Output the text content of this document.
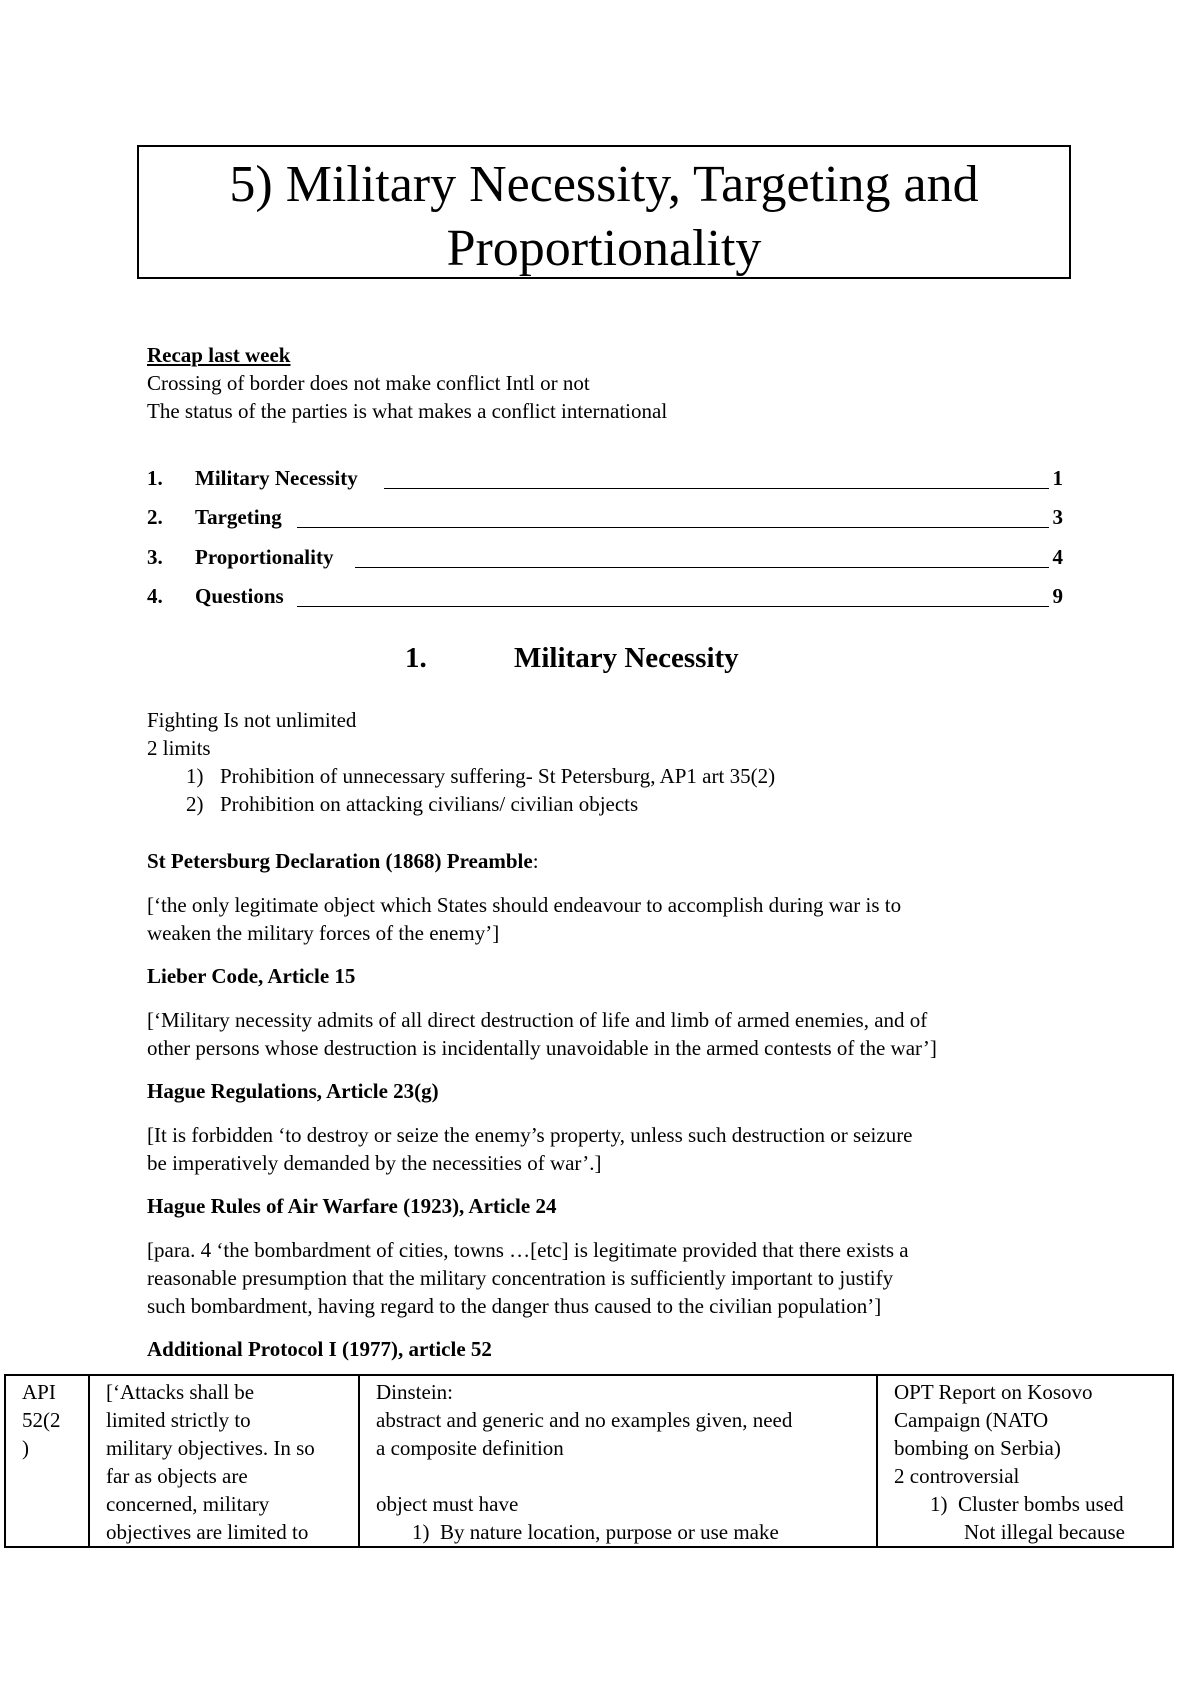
5) Military Necessity, Targeting and
Proportionality
Recap last week
Crossing of border does not make conflict Intl or not
The status of the parties is what makes a conflict international
1. Military Necessity	1
2. Targeting	3
3. Proportionality	4
4. Questions	9
1.	Military Necessity
Fighting Is not unlimited
2 limits
1) Prohibition of unnecessary suffering- St Petersburg, AP1 art 35(2)
2) Prohibition on attacking civilians/ civilian objects
St Petersburg Declaration (1868) Preamble:
[‘the only legitimate object which States should endeavour to accomplish during war is to
weaken the military forces of the enemy’]
Lieber Code, Article 15
[‘Military necessity admits of all direct destruction of life and limb of armed enemies, and of
other persons whose destruction is incidentally unavoidable in the armed contests of the war’]
Hague Regulations, Article 23(g)
[It is forbidden ‘to destroy or seize the enemy’s property, unless such destruction or seizure
be imperatively demanded by the necessities of war’.]
Hague Rules of Air Warfare (1923), Article 24
[para. 4 ‘the bombardment of cities, towns …[etc] is legitimate provided that there exists a
reasonable presumption that the military concentration is sufficiently important to justify
such bombardment, having regard to the danger thus caused to the civilian population’]
Additional Protocol I (1977), article 52
API
52(2
)

[‘Attacks shall be
limited strictly to
military objectives. In so
far as objects are
concerned, military
objectives are limited to

Dinstein:
abstract and generic and no examples given, need
a composite definition
object must have
1) By nature location, purpose or use make

OPT Report on Kosovo
Campaign (NATO
bombing on Serbia)
2 controversial
1) Cluster bombs used
Not illegal because
